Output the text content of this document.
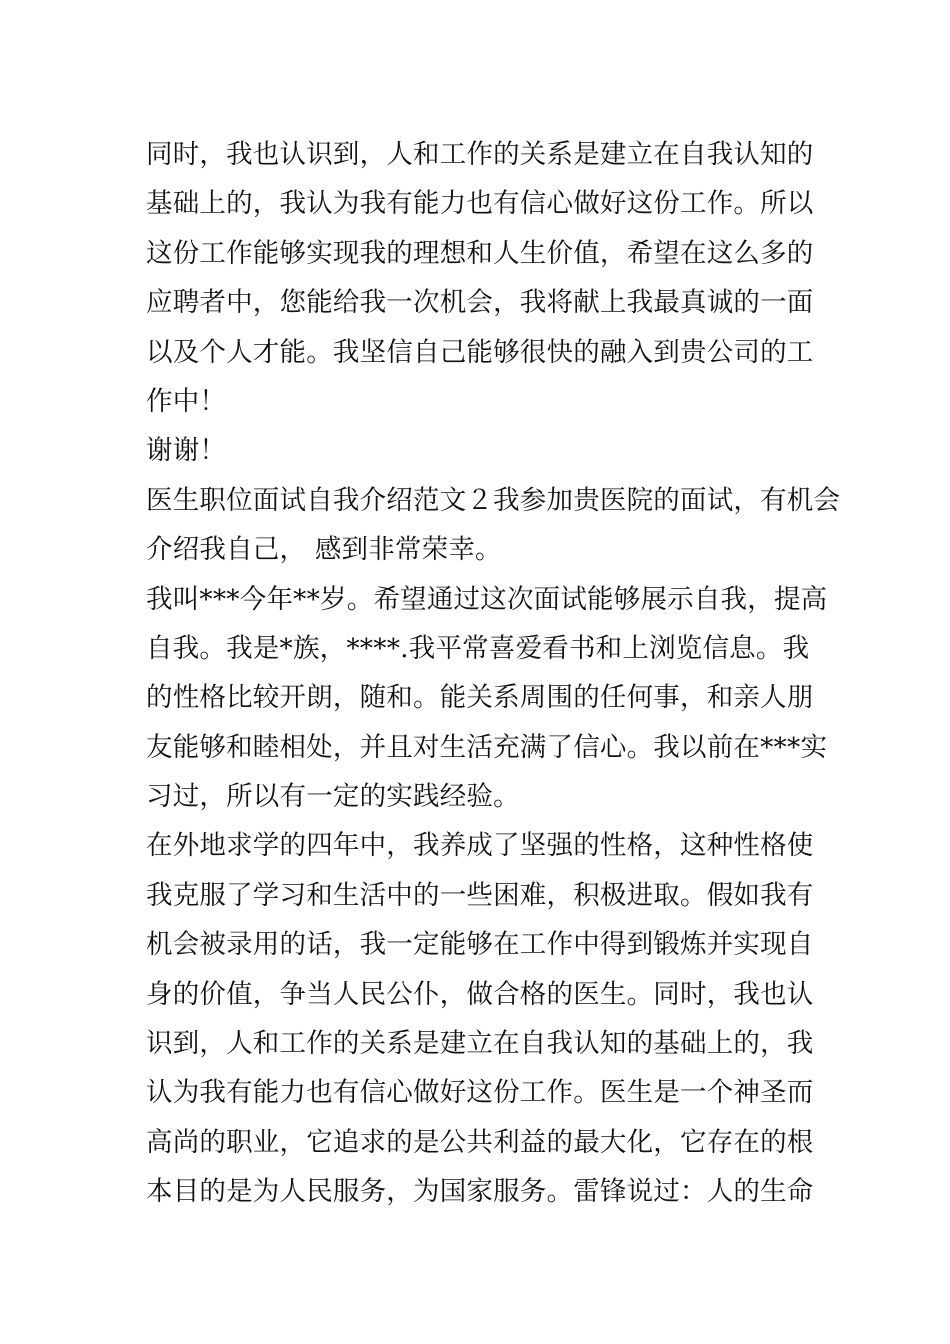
同时，我也认识到，人和工作的关系是建立在自我认知的
基础上的，我认为我有能力也有信心做好这份工作。所以
这份工作能够实现我的理想和人生价值，希望在这么多的
应聘者中，您能给我一次机会，我将献上我最真诚的一面
以及个人才能。我坚信自己能够很快的融入到贵公司的工
作中！
谢谢！
医生职位面试自我介绍范文２我参加贵医院的面试，有机会
介绍我自己， 感到非常荣幸。
我叫***今年**岁。希望通过这次面试能够展示自我，提高
自我。我是*族，****.我平常喜爱看书和上浏览信息。我
的性格比较开朗，随和。能关系周围的任何事，和亲人朋
友能够和睦相处，并且对生活充满了信心。我以前在***实
习过，所以有一定的实践经验。
在外地求学的四年中，我养成了坚强的性格，这种性格使
我克服了学习和生活中的一些困难，积极进取。假如我有
机会被录用的话，我一定能够在工作中得到锻炼并实现自
身的价值，争当人民公仆，做合格的医生。同时，我也认
识到，人和工作的关系是建立在自我认知的基础上的，我
认为我有能力也有信心做好这份工作。医生是一个神圣而
高尚的职业，它追求的是公共利益的最大化，它存在的根
本目的是为人民服务，为国家服务。雷锋说过：人的生命
